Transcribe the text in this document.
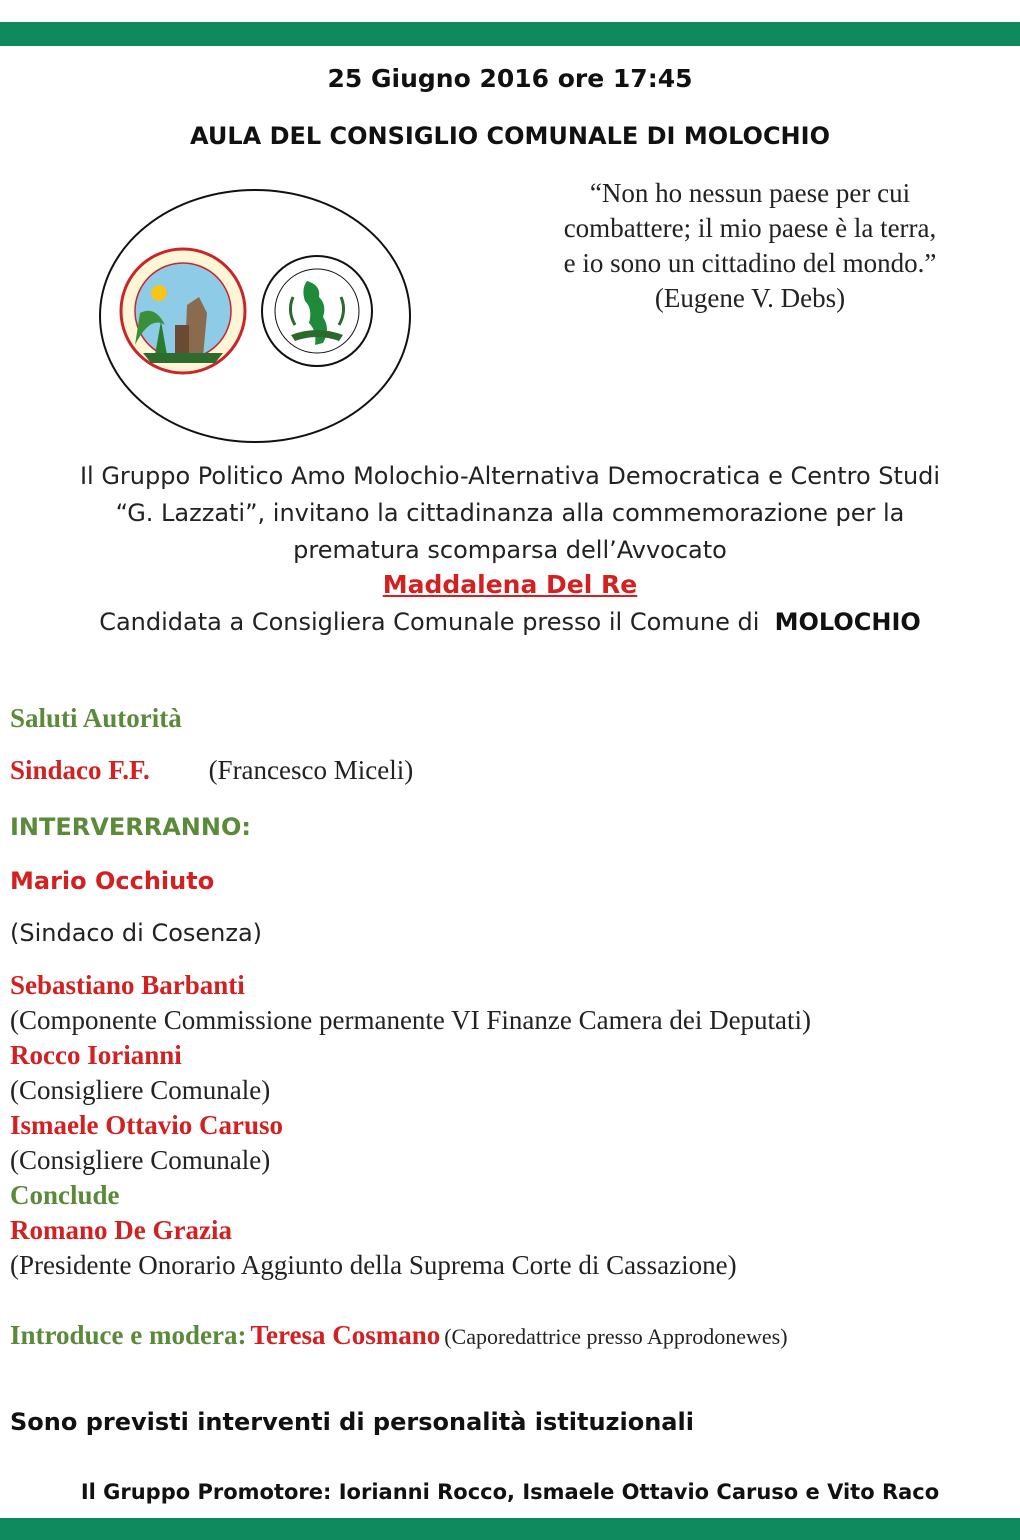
25 Giugno 2016 ore 17:45
AULA DEL CONSIGLIO COMUNALE DI MOLOCHIO
“Non ho nessun paese per cui
combattere; il mio paese è la terra,
e io sono un cittadino del mondo.”
(Eugene V. Debs)
Il Gruppo Politico Amo Molochio-Alternativa Democratica e Centro Studi
“G. Lazzati”, invitano la cittadinanza alla commemorazione per la
prematura scomparsa dell’Avvocato
Maddalena Del Re
Candidata a Consigliera Comunale presso il Comune di MOLOCHIO
Saluti Autorità
Sindaco F.F. (Francesco Miceli)
INTERVERRANNO:
Mario Occhiuto
(Sindaco di Cosenza)
Sebastiano Barbanti
(Componente Commissione permanente VI Finanze Camera dei Deputati)
Rocco Iorianni
(Consigliere Comunale)
Ismaele Ottavio Caruso
(Consigliere Comunale)
Conclude
Romano De Grazia
(Presidente Onorario Aggiunto della Suprema Corte di Cassazione)
Introduce e modera: Teresa Cosmano (Caporedattrice presso Approdonewes)
Sono previsti interventi di personalità istituzionali
Il Gruppo Promotore: Iorianni Rocco, Ismaele Ottavio Caruso e Vito Raco
